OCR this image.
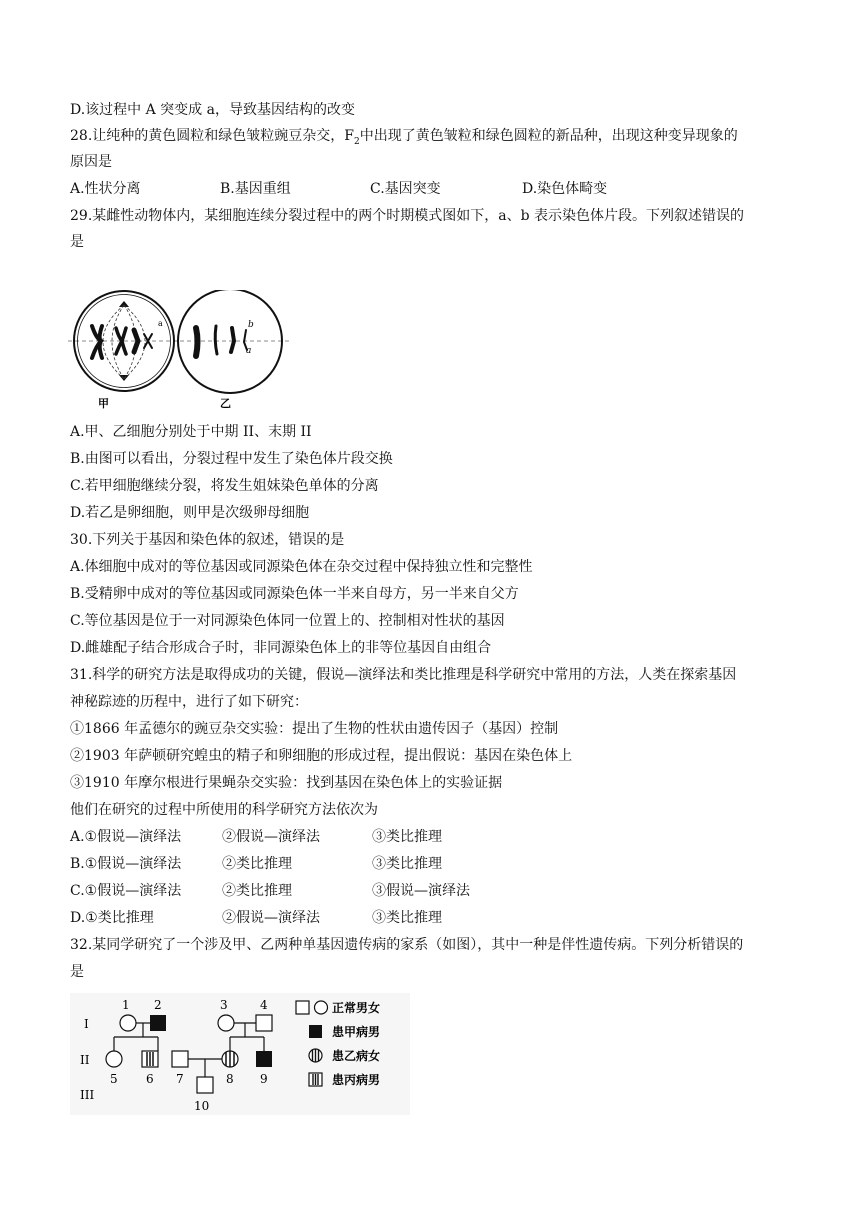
D.该过程中 A 突变成 a，导致基因结构的改变
28.让纯种的黄色圆粒和绿色皱粒豌豆杂交，$F_2$中出现了黄色皱粒和绿色圆粒的新品种，出现这种变异现象的
原因是
A.性状分离	B.基因重组	C.基因突变	D.染色体畸变
29.某雌性动物体内，某细胞连续分裂过程中的两个时期模式图如下，a、b 表示染色体片段。下列叙述错误的
是
a	b
a
甲	乙
A.甲、乙细胞分别处于中期 II、末期 II
B.由图可以看出，分裂过程中发生了染色体片段交换
C.若甲细胞继续分裂，将发生姐妹染色单体的分离
D.若乙是卵细胞，则甲是次级卵母细胞
30.下列关于基因和染色体的叙述，错误的是
A.体细胞中成对的等位基因或同源染色体在杂交过程中保持独立性和完整性
B.受精卵中成对的等位基因或同源染色体一半来自母方，另一半来自父方
C.等位基因是位于一对同源染色体同一位置上的、控制相对性状的基因
D.雌雄配子结合形成合子时，非同源染色体上的非等位基因自由组合
31.科学的研究方法是取得成功的关键，假说—演绎法和类比推理是科学研究中常用的方法，人类在探索基因
神秘踪迹的历程中，进行了如下研究：
①1866 年孟德尔的豌豆杂交实验：提出了生物的性状由遗传因子（基因）控制
②1903 年萨顿研究蝗虫的精子和卵细胞的形成过程，提出假说：基因在染色体上
③1910 年摩尔根进行果蝇杂交实验：找到基因在染色体上的实验证据
他们在研究的过程中所使用的科学研究方法依次为
A.①假说—演绎法	②假说—演绎法	③类比推理
B.①假说—演绎法	②类比推理	③类比推理
C.①假说—演绎法	②类比推理	③假说—演绎法
D.①类比推理	②假说—演绎法	③类比推理
32.某同学研究了一个涉及甲、乙两种单基因遗传病的家系（如图），其中一种是伴性遗传病。下列分析错误的
是
I
II
III
1 2	3	4
5 6 7	8 9
10
正常男女
患甲病男
患乙病女
患丙病男
